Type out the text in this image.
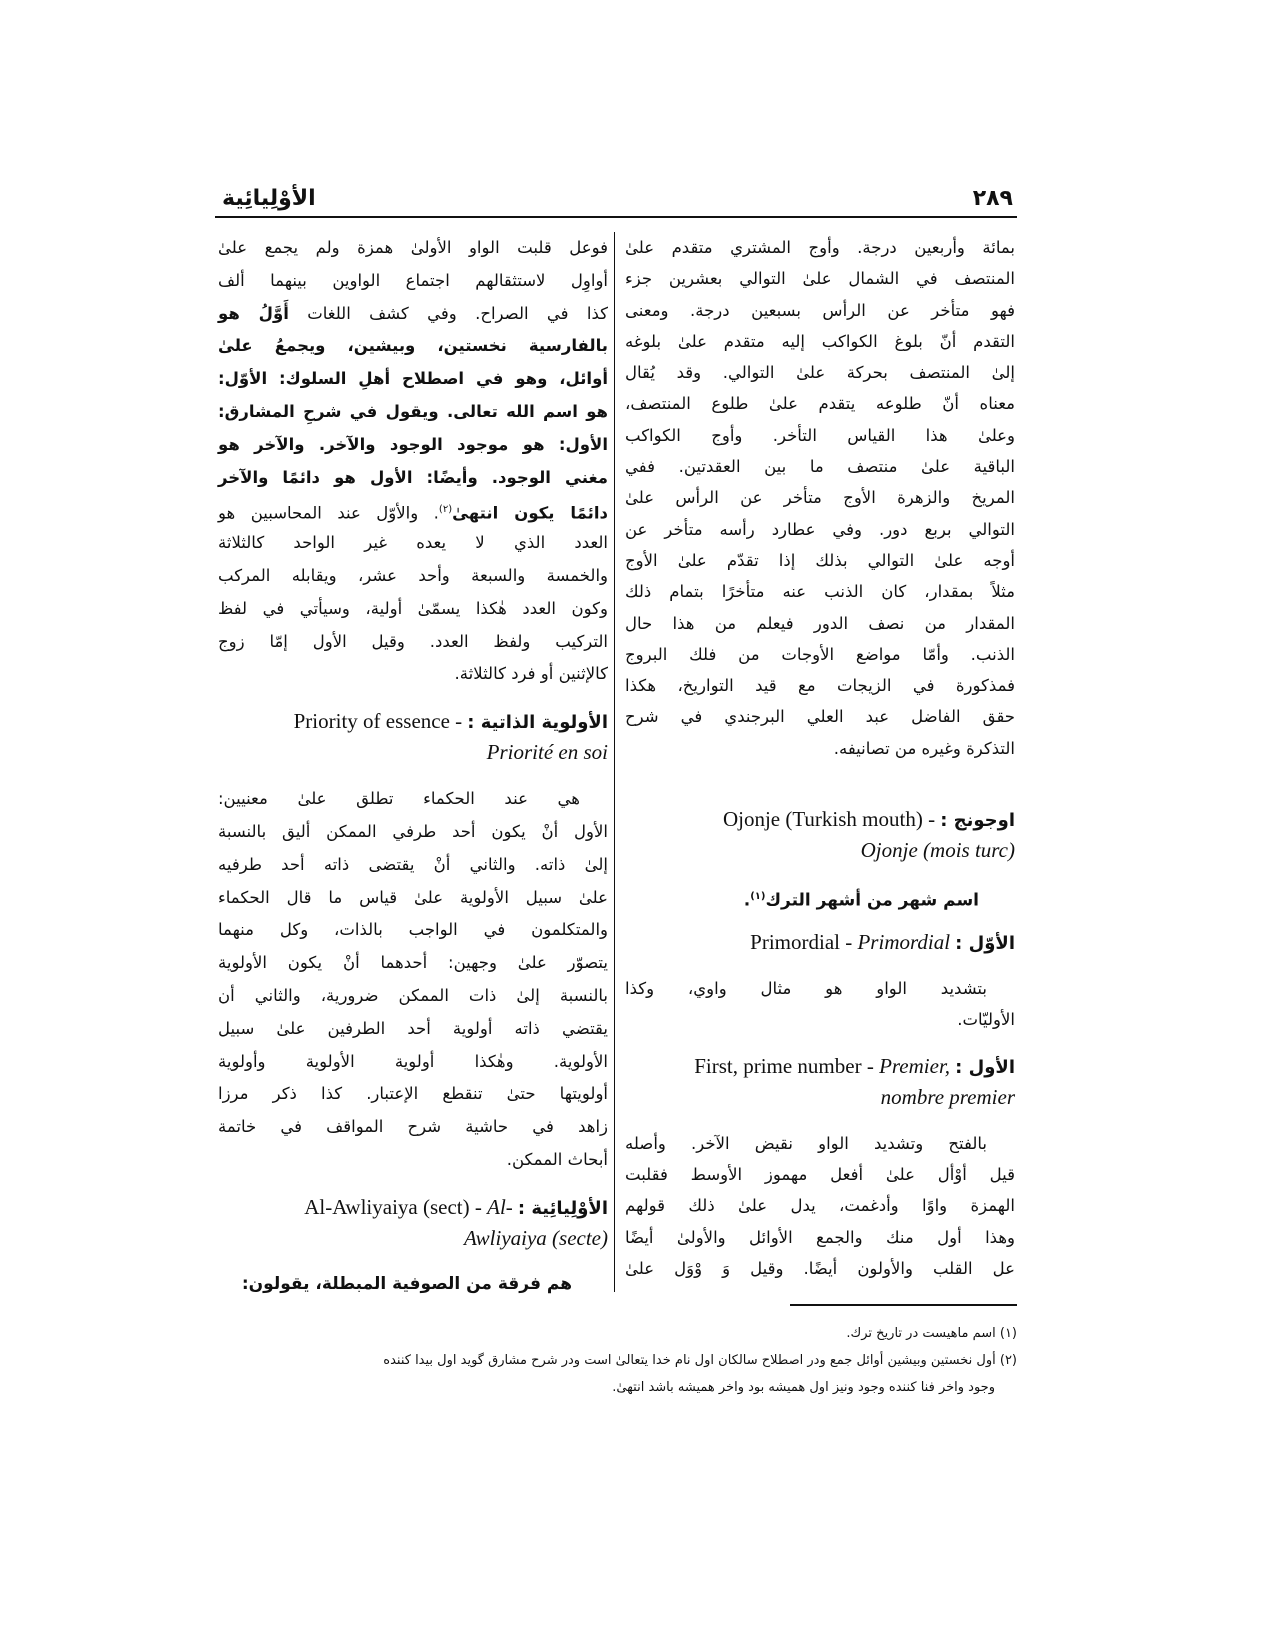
٢٨٩
الأوْلِيائِية
بمائة وأربعين درجة. وأوج المشتري متقدم علىٰ
المنتصف في الشمال علىٰ التوالي بعشرين جزء
فهو متأخر عن الرأس بسبعين درجة. ومعنى
التقدم أنّ بلوغ الكواكب إليه متقدم علىٰ بلوغه
إلىٰ المنتصف بحركة علىٰ التوالي. وقد يُقال
معناه أنّ طلوعه يتقدم علىٰ طلوع المنتصف،
وعلىٰ هذا القياس التأخر. وأوج الكواكب
الباقية علىٰ منتصف ما بين العقدتين. ففي
المريخ والزهرة الأوج متأخر عن الرأس علىٰ
التوالي بربع دور. وفي عطارد رأسه متأخر عن
أوجه علىٰ التوالي بذلك إذا تقدّم علىٰ الأوج
مثلاً بمقدار، كان الذنب عنه متأخرًا بتمام ذلك
المقدار من نصف الدور فيعلم من هذا حال
الذنب. وأمّا مواضع الأوجات من فلك البروج
فمذكورة في الزيجات مع قيد التواريخ، هكذا
حقق الفاضل عبد العلي البرجندي في شرح
التذكرة وغيره من تصانيفه.
اوجونج : Ojonje (Turkish mouth) -
Ojonje (mois turc)
اسم شهر من أشهر الترك$^{(١)}$.
الأوّل : Primordial - Primordial
بتشديد الواو هو مثال واوي، وكذا
الأوليّات.
الأول : First, prime number - Premier,
nombre premier
بالفتح وتشديد الواو نقيض الآخر. وأصله
قيل أوْأل علىٰ أفعل مهموز الأوسط فقلبت
الهمزة واوًا وأدغمت، يدل علىٰ ذلك قولهم
وهذا أول منك والجمع الأوائل والأولىٰ أيضًا
عل القلب والأولون أيضًا. وقيل وَ وْوَل علىٰ
فوعل قلبت الواو الأولىٰ همزة ولم يجمع علىٰ
أواوِل لاستثقالهم اجتماع الواوين بينهما ألف
كذا في الصراح. وفي كشف اللغات أَوَّلُ هو
بالفارسية نخستين، وبيشين، ويجمعُ علىٰ
أوائل، وهو في اصطلاح أهلِ السلوك: الأوّل:
هو اسم الله تعالى. ويقول في شرحِ المشارق:
الأول: هو موجود الوجود والآخر. والآخر هو
مغني الوجود. وأيضًا: الأول هو دائمًا والآخر
دائمًا يكون انتهىٰ$^{(٢)}$. والأوّل عند المحاسبين هو
العدد الذي لا يعده غير الواحد كالثلاثة
والخمسة والسبعة وأحد عشر، ويقابله المركب
وكون العدد هٰكذا يسمّىٰ أولية، وسيأتي في لفظ
التركيب ولفظ العدد. وقيل الأول إمّا زوج
كالإثنين أو فرد كالثلاثة.
الأولوية الذاتية : Priority of essence -
Priorité en soi
هي عند الحكماء تطلق علىٰ معنيين:
الأول أنْ يكون أحد طرفي الممكن أليق بالنسبة
إلىٰ ذاته. والثاني أنْ يقتضى ذاته أحد طرفيه
علىٰ سبيل الأولوية علىٰ قياس ما قال الحكماء
والمتكلمون في الواجب بالذات، وكل منهما
يتصوّر علىٰ وجهين: أحدهما أنْ يكون الأولوية
بالنسبة إلىٰ ذات الممكن ضرورية، والثاني أن
يقتضي ذاته أولوية أحد الطرفين علىٰ سبيل
الأولوية. وهٰكذا أولوية الأولوية وأولوية
أولويتها حتىٰ تنقطع الإعتبار. كذا ذكر مرزا
زاهد في حاشية شرح المواقف في خاتمة
أبحاث الممكن.
الأوْلِيائِية : Al-Awliyaiya (sect) - Al-
Awliyaiya (secte)
هم فرقة من الصوفية المبطلة، يقولون:
(١) اسم ماهيست در تاريخ ترك.
(٢) أول نخستين وبيشين أوائل جمع ودر اصطلاح سالكان اول نام خدا يتعالىٰ است ودر شرح مشارق گويد اول بيدا كننده
وجود واخر فنا كننده وجود ونيز اول هميشه بود واخر هميشه باشد انتهىٰ.
